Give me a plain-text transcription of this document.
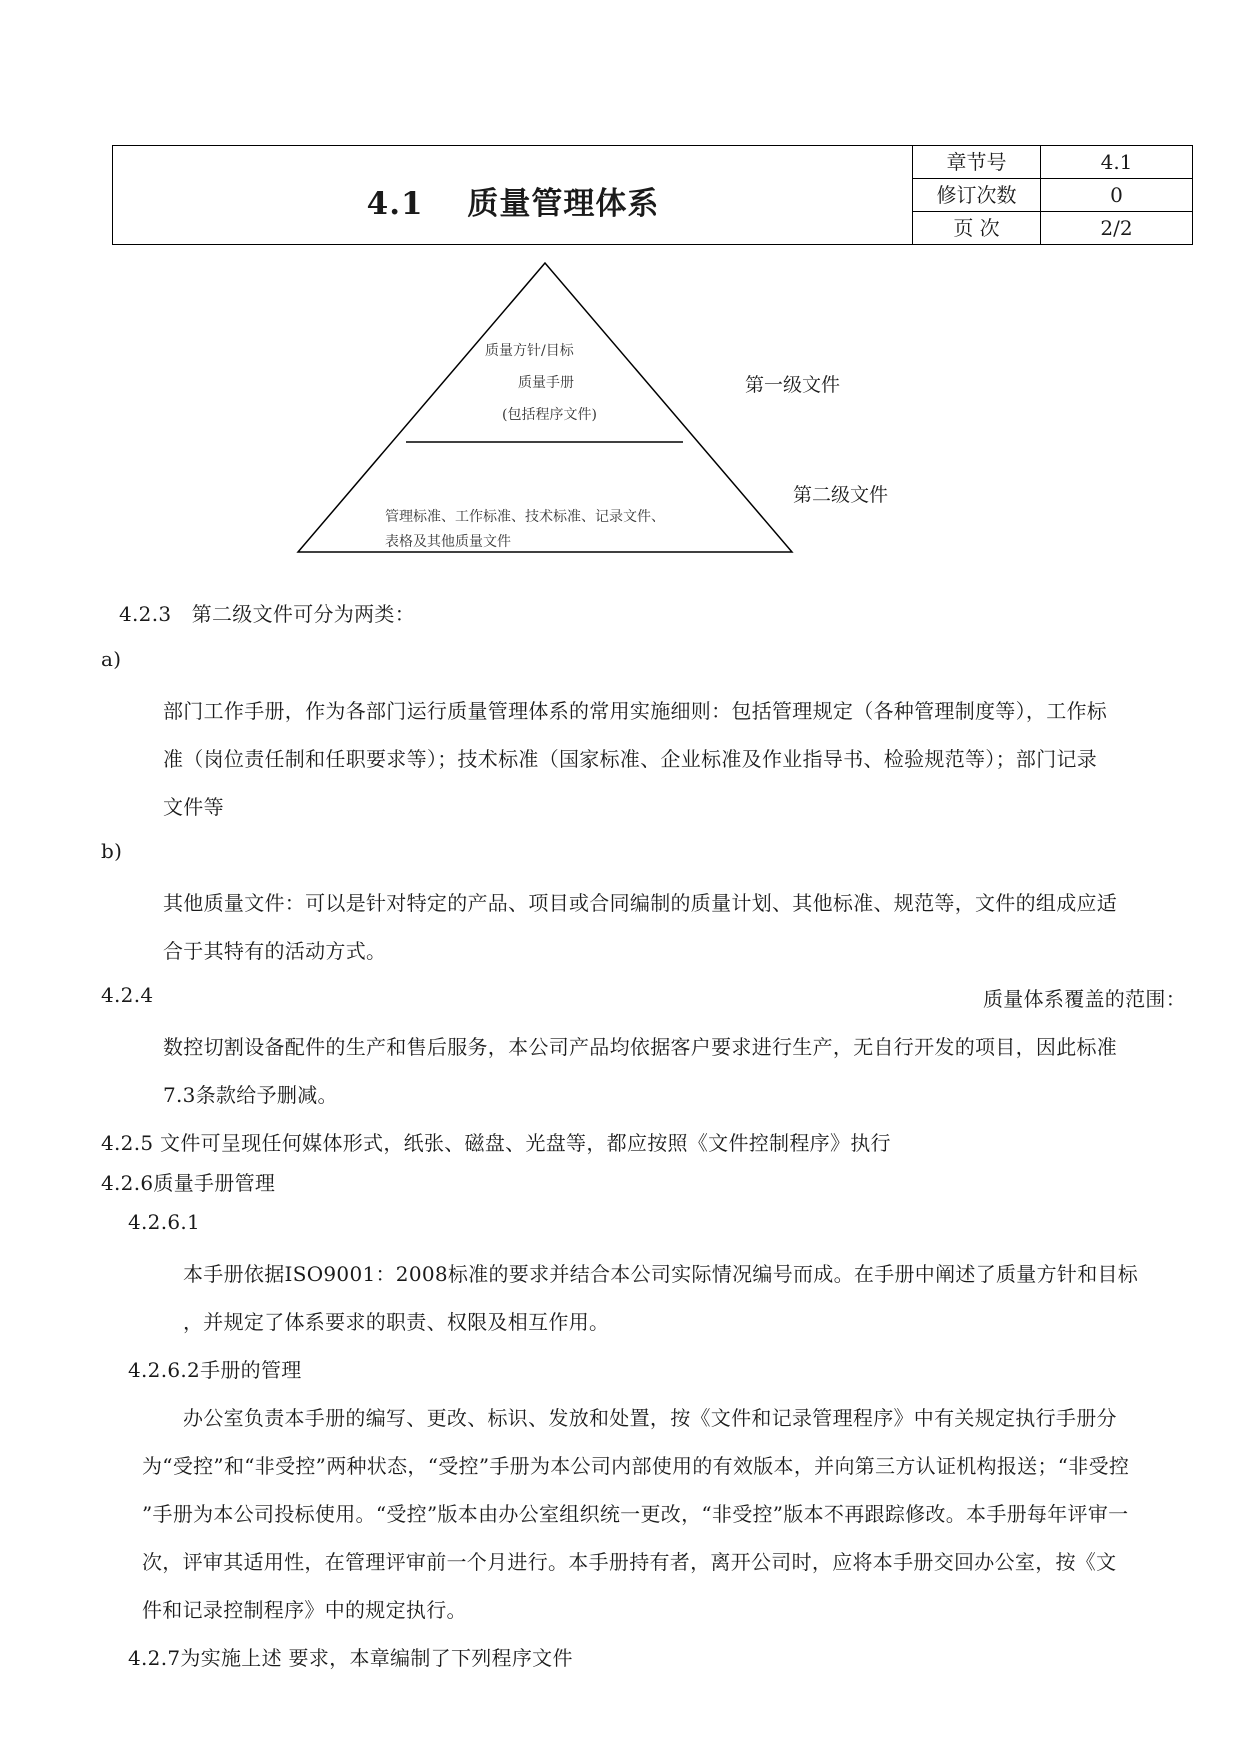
4.1　 质量管理体系
章节号	4.1
修订次数	0
页 次	2/2
质量方针/目标
质量手册
(包括程序文件)
管理标准、工作标准、技术标准、记录文件、
表格及其他质量文件
第一级文件
第二级文件
4.2.3　第二级文件可分为两类：
a)
部门工作手册，作为各部门运行质量管理体系的常用实施细则：包括管理规定（各种管理制度等），工作标
准（岗位责任制和任职要求等）；技术标准（国家标准、企业标准及作业指导书、检验规范等）；部门记录
文件等
b)
其他质量文件：可以是针对特定的产品、项目或合同编制的质量计划、其他标准、规范等，文件的组成应适
合于其特有的活动方式。
4.2.4	质量体系覆盖的范围：
数控切割设备配件的生产和售后服务，本公司产品均依据客户要求进行生产，无自行开发的项目，因此标准
7.3条款给予删减。
4.2.5 文件可呈现任何媒体形式，纸张、磁盘、光盘等，都应按照《文件控制程序》执行
4.2.6质量手册管理
4.2.6.1
本手册依据ISO9001：2008标准的要求并结合本公司实际情况编号而成。在手册中阐述了质量方针和目标
，并规定了体系要求的职责、权限及相互作用。
4.2.6.2手册的管理
办公室负责本手册的编写、更改、标识、发放和处置，按《文件和记录管理程序》中有关规定执行手册分
为“受控”和“非受控”两种状态，“受控”手册为本公司内部使用的有效版本，并向第三方认证机构报送；“非受控
”手册为本公司投标使用。“受控”版本由办公室组织统一更改，“非受控”版本不再跟踪修改。本手册每年评审一
次，评审其适用性，在管理评审前一个月进行。本手册持有者，离开公司时，应将本手册交回办公室，按《文
件和记录控制程序》中的规定执行。
4.2.7为实施上述 要求，本章编制了下列程序文件
